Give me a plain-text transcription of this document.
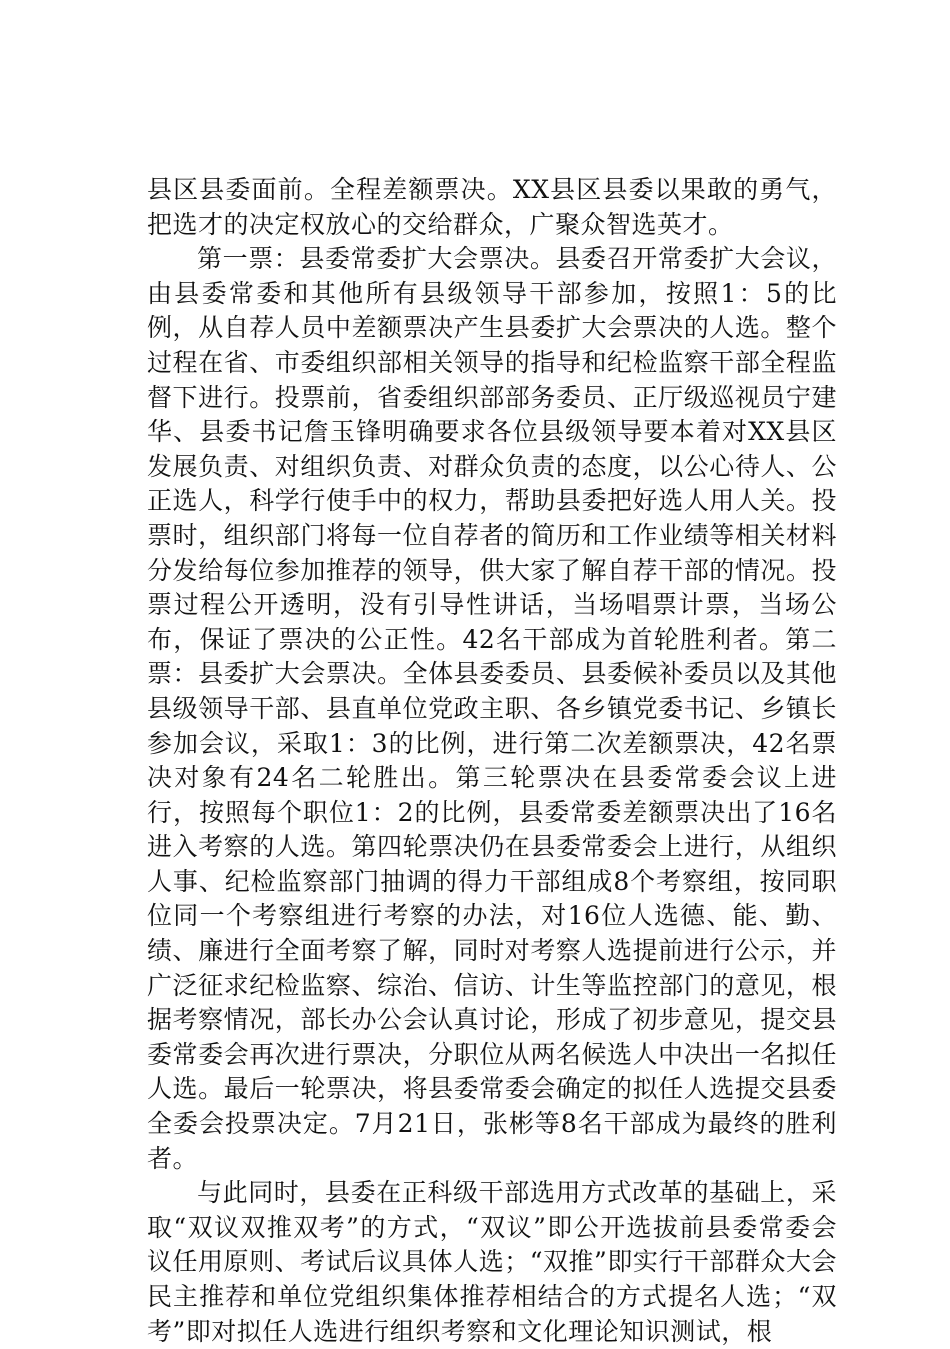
县区县委面前。全程差额票决。XX县区县委以果敢的勇气，把选才的决定权放心的交给群众，广聚众智选英才。

第一票：县委常委扩大会票决。县委召开常委扩大会议，由县委常委和其他所有县级领导干部参加，按照1：5的比例，从自荐人员中差额票决产生县委扩大会票决的人选。整个过程在省、市委组织部相关领导的指导和纪检监察干部全程监督下进行。投票前，省委组织部部务委员、正厅级巡视员宁建华、县委书记詹玉锋明确要求各位县级领导要本着对XX县区发展负责、对组织负责、对群众负责的态度，以公心待人、公正选人，科学行使手中的权力，帮助县委把好选人用人关。投票时，组织部门将每一位自荐者的简历和工作业绩等相关材料分发给每位参加推荐的领导，供大家了解自荐干部的情况。投票过程公开透明，没有引导性讲话，当场唱票计票，当场公布，保证了票决的公正性。42名干部成为首轮胜利者。第二票：县委扩大会票决。全体县委委员、县委候补委员以及其他县级领导干部、县直单位党政主职、各乡镇党委书记、乡镇长参加会议，采取1：3的比例，进行第二次差额票决，42名票决对象有24名二轮胜出。第三轮票决在县委常委会议上进行，按照每个职位1：2的比例，县委常委差额票决出了16名进入考察的人选。第四轮票决仍在县委常委会上进行，从组织人事、纪检监察部门抽调的得力干部组成8个考察组，按同职位同一个考察组进行考察的办法，对16位人选德、能、勤、绩、廉进行全面考察了解，同时对考察人选提前进行公示，并广泛征求纪检监察、综治、信访、计生等监控部门的意见，根据考察情况，部长办公会认真讨论，形成了初步意见，提交县委常委会再次进行票决，分职位从两名候选人中决出一名拟任人选。最后一轮票决，将县委常委会确定的拟任人选提交县委全委会投票决定。7月21日，张彬等8名干部成为最终的胜利者。

与此同时，县委在正科级干部选用方式改革的基础上，采取“双议双推双考”的方式，“双议”即公开选拔前县委常委会议任用原则、考试后议具体人选；“双推”即实行干部群众大会民主推荐和单位党组织集体推荐相结合的方式提名人选；“双考”即对拟任人选进行组织考察和文化理论知识测试，根
